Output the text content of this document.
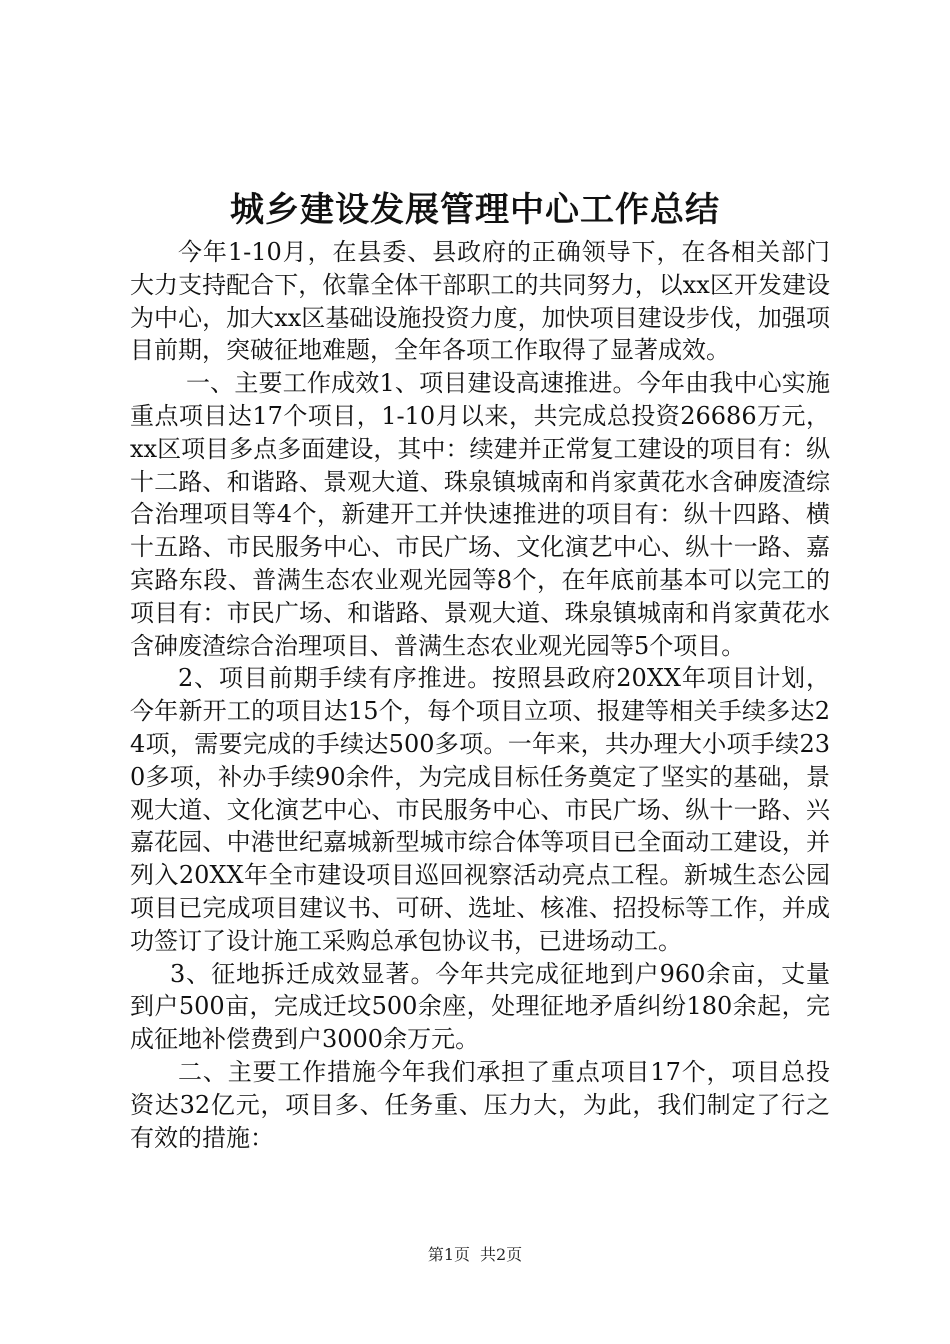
城乡建设发展管理中心工作总结

今年1-10月，在县委、县政府的正确领导下，在各相关部门大力支持配合下，依靠全体干部职工的共同努力，以xx区开发建设为中心，加大xx区基础设施投资力度，加快项目建设步伐，加强项目前期，突破征地难题，全年各项工作取得了显著成效。

一、主要工作成效1、项目建设高速推进。今年由我中心实施重点项目达17个项目，1-10月以来，共完成总投资26686万元，xx区项目多点多面建设，其中：续建并正常复工建设的项目有：纵十二路、和谐路、景观大道、珠泉镇城南和肖家黄花水含砷废渣综合治理项目等4个，新建开工并快速推进的项目有：纵十四路、横十五路、市民服务中心、市民广场、文化演艺中心、纵十一路、嘉宾路东段、普满生态农业观光园等8个，在年底前基本可以完工的项目有：市民广场、和谐路、景观大道、珠泉镇城南和肖家黄花水含砷废渣综合治理项目、普满生态农业观光园等5个项目。

2、项目前期手续有序推进。按照县政府20XX年项目计划，今年新开工的项目达15个，每个项目立项、报建等相关手续多达24项，需要完成的手续达500多项。一年来，共办理大小项手续230多项，补办手续90余件，为完成目标任务奠定了坚实的基础，景观大道、文化演艺中心、市民服务中心、市民广场、纵十一路、兴嘉花园、中港世纪嘉城新型城市综合体等项目已全面动工建设，并列入20XX年全市建设项目巡回视察活动亮点工程。新城生态公园项目已完成项目建议书、可研、选址、核准、招投标等工作，并成功签订了设计施工采购总承包协议书，已进场动工。

3、征地拆迁成效显著。今年共完成征地到户960余亩，丈量到户500亩，完成迁坟500余座，处理征地矛盾纠纷180余起，完成征地补偿费到户3000余万元。

二、主要工作措施今年我们承担了重点项目17个，项目总投资达32亿元，项目多、任务重、压力大，为此，我们制定了行之有效的措施：

第1页 共2页
